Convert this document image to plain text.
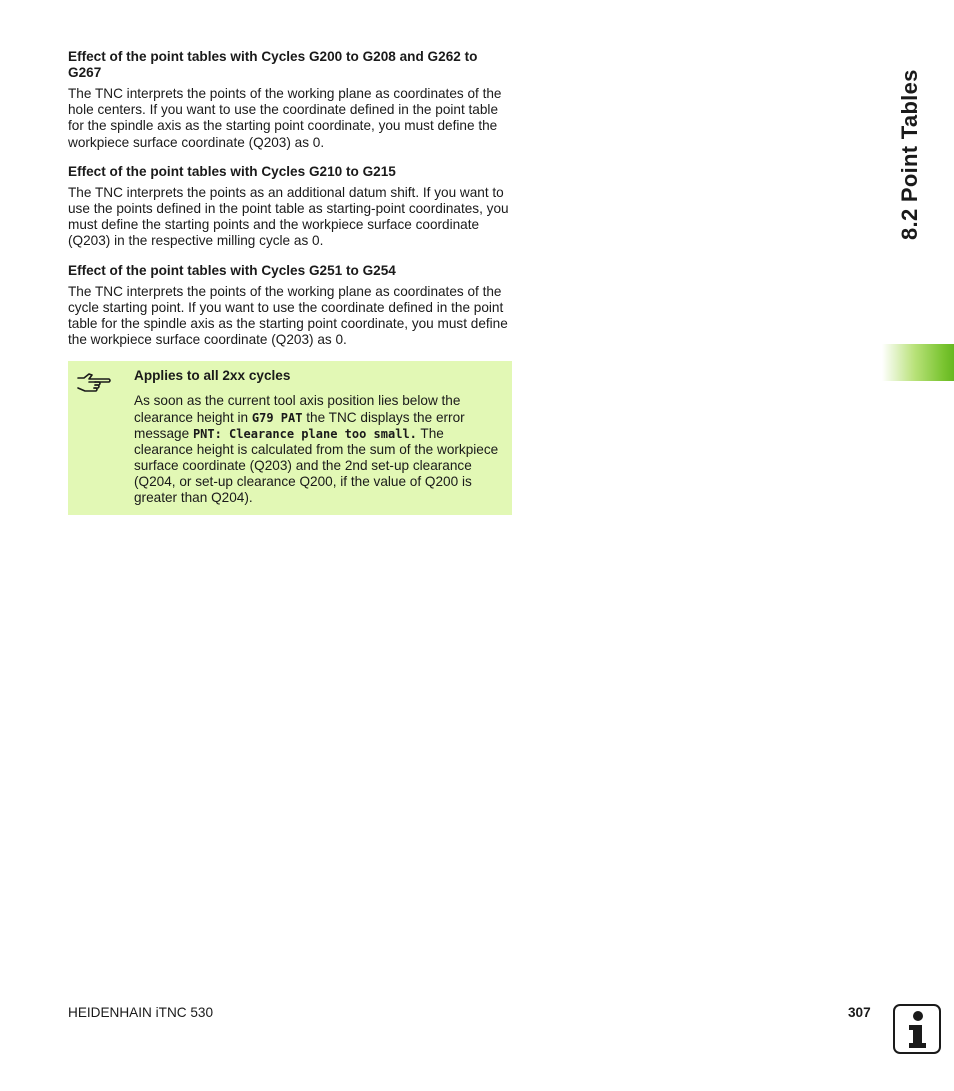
Effect of the point tables with Cycles G200 to G208 and G262 to G267

The TNC interprets the points of the working plane as coordinates of the hole centers. If you want to use the coordinate defined in the point table for the spindle axis as the starting point coordinate, you must define the workpiece surface coordinate (Q203) as 0.

Effect of the point tables with Cycles G210 to G215

The TNC interprets the points as an additional datum shift. If you want to use the points defined in the point table as starting-point coordinates, you must define the starting points and the workpiece surface coordinate (Q203) in the respective milling cycle as 0.

Effect of the point tables with Cycles G251 to G254

The TNC interprets the points of the working plane as coordinates of the cycle starting point. If you want to use the coordinate defined in the point table for the spindle axis as the starting point coordinate, you must define the workpiece surface coordinate (Q203) as 0.

Applies to all 2xx cycles

As soon as the current tool axis position lies below the clearance height in G79 PAT the TNC displays the error message PNT: Clearance plane too small. The clearance height is calculated from the sum of the workpiece surface coordinate (Q203) and the 2nd set-up clearance (Q204, or set-up clearance Q200, if the value of Q200 is greater than Q204).

8.2 Point Tables
HEIDENHAIN iTNC 530	307
